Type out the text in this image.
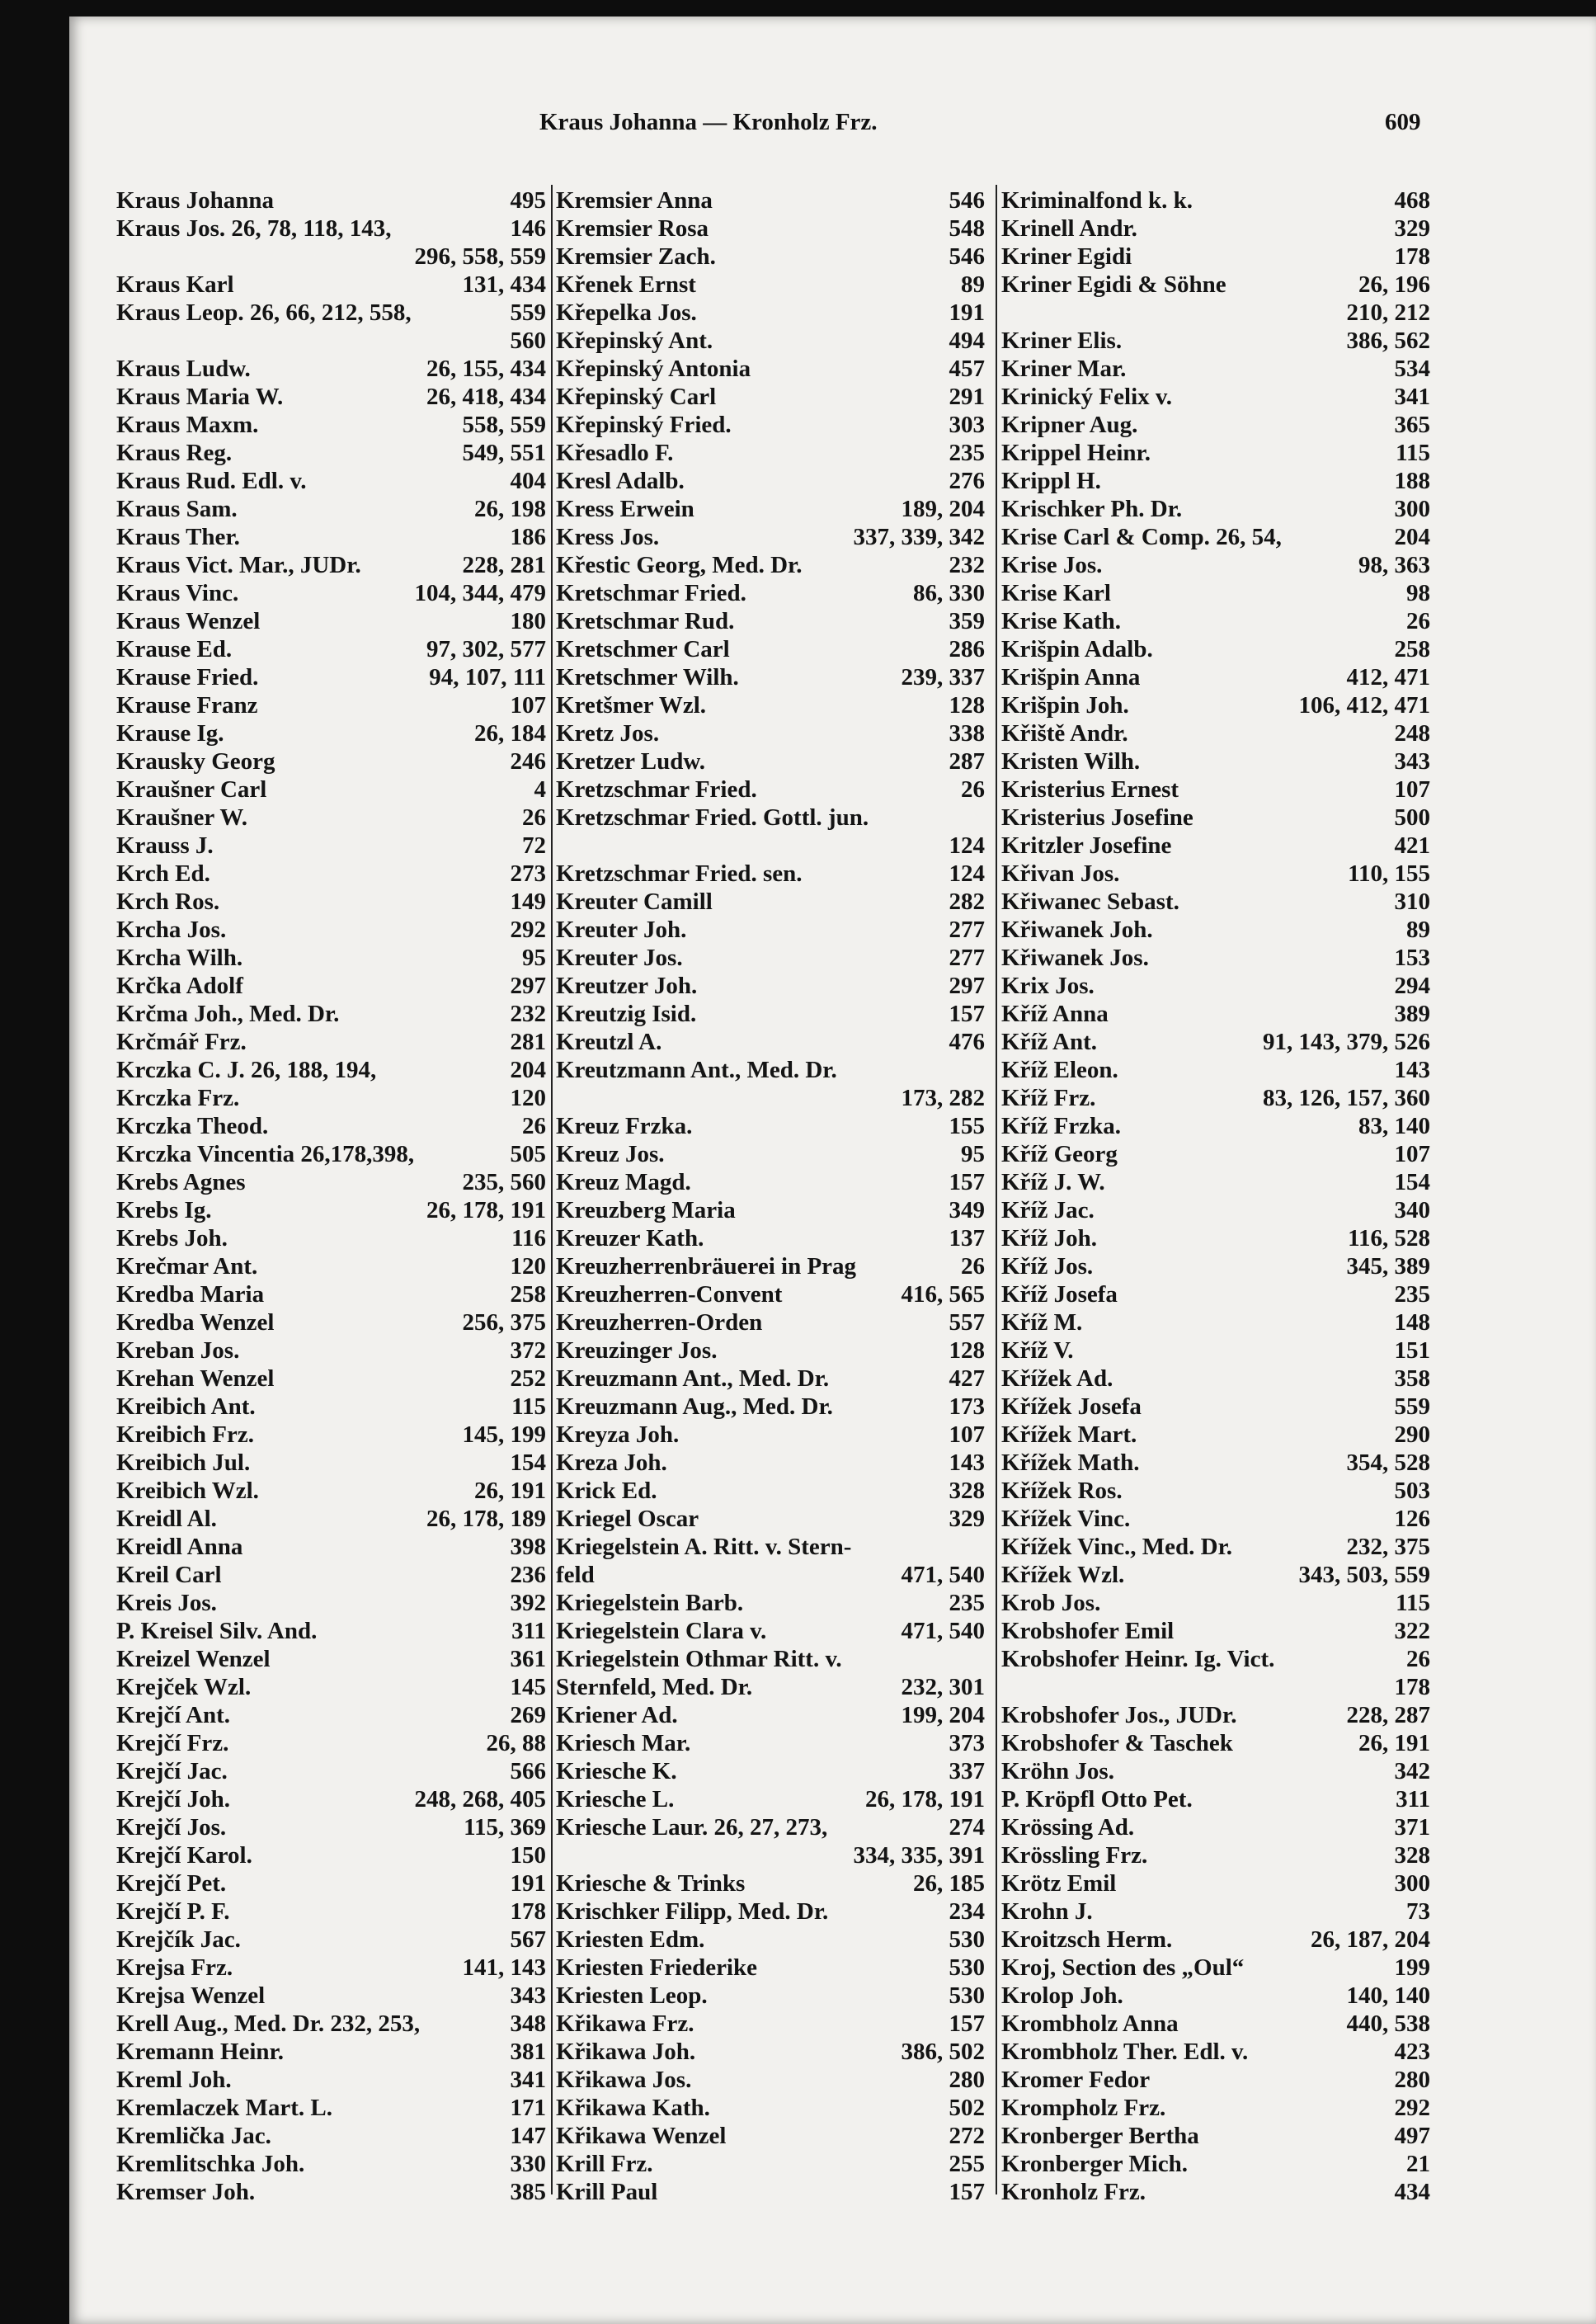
Kraus Johanna — Kronholz Frz.	609
Kraus Johanna	495
Kraus Jos. 26, 78, 118, 143,	146
296, 558, 559
Kraus Karl	131, 434
Kraus Leop. 26, 66, 212, 558,	559
560
Kraus Ludw.	26, 155, 434
Kraus Maria W.	26, 418, 434
Kraus Maxm.	558, 559
Kraus Reg.	549, 551
Kraus Rud. Edl. v.	404
Kraus Sam.	26, 198
Kraus Ther.	186
Kraus Vict. Mar., JUDr.	228, 281
Kraus Vinc.	104, 344, 479
Kraus Wenzel	180
Krause Ed.	97, 302, 577
Krause Fried.	94, 107, 111
Krause Franz	107
Krause Ig.	26, 184
Krausky Georg	246
Kraušner Carl	4
Kraušner W.	26
Krauss J.	72
Krch Ed.	273
Krch Ros.	149
Krcha Jos.	292
Krcha Wilh.	95
Krčka Adolf	297
Krčma Joh., Med. Dr.	232
Krčmář Frz.	281
Krczka C. J. 26, 188, 194,	204
Krczka Frz.	120
Krczka Theod.	26
Krczka Vincentia 26,178,398,	505
Krebs Agnes	235, 560
Krebs Ig.	26, 178, 191
Krebs Joh.	116
Krečmar Ant.	120
Kredba Maria	258
Kredba Wenzel	256, 375
Kreban Jos.	372
Krehan Wenzel	252
Kreibich Ant.	115
Kreibich Frz.	145, 199
Kreibich Jul.	154
Kreibich Wzl.	26, 191
Kreidl Al.	26, 178, 189
Kreidl Anna	398
Kreil Carl	236
Kreis Jos.	392
P. Kreisel Silv. And.	311
Kreizel Wenzel	361
Krejček Wzl.	145
Krejčí Ant.	269
Krejčí Frz.	26, 88
Krejčí Jac.	566
Krejčí Joh.	248, 268, 405
Krejčí Jos.	115, 369
Krejčí Karol.	150
Krejčí Pet.	191
Krejčí P. F.	178
Krejčík Jac.	567
Krejsa Frz.	141, 143
Krejsa Wenzel	343
Krell Aug., Med. Dr. 232, 253,	348
Kremann Heinr.	381
Kreml Joh.	341
Kremlaczek Mart. L.	171
Kremlička Jac.	147
Kremlitschka Joh.	330
Kremser Joh.	385
Kremsier Anna	546
Kremsier Rosa	548
Kremsier Zach.	546
Křenek Ernst	89
Křepelka Jos.	191
Křepinský Ant.	494
Křepinský Antonia	457
Křepinský Carl	291
Křepinský Fried.	303
Křesadlo F.	235
Kresl Adalb.	276
Kress Erwein	189, 204
Kress Jos.	337, 339, 342
Křestic Georg, Med. Dr.	232
Kretschmar Fried.	86, 330
Kretschmar Rud.	359
Kretschmer Carl	286
Kretschmer Wilh.	239, 337
Kretšmer Wzl.	128
Kretz Jos.	338
Kretzer Ludw.	287
Kretzschmar Fried.	26
Kretzschmar Fried. Gottl. jun.
124
Kretzschmar Fried. sen.	124
Kreuter Camill	282
Kreuter Joh.	277
Kreuter Jos.	277
Kreutzer Joh.	297
Kreutzig Isid.	157
Kreutzl A.	476
Kreutzmann Ant., Med. Dr.
173, 282
Kreuz Frzka.	155
Kreuz Jos.	95
Kreuz Magd.	157
Kreuzberg Maria	349
Kreuzer Kath.	137
Kreuzherrenbräuerei in Prag	26
Kreuzherren-Convent	416, 565
Kreuzherren-Orden	557
Kreuzinger Jos.	128
Kreuzmann Ant., Med. Dr.	427
Kreuzmann Aug., Med. Dr.	173
Kreyza Joh.	107
Kreza Joh.	143
Krick Ed.	328
Kriegel Oscar	329
Kriegelstein A. Ritt. v. Stern-
feld	471, 540
Kriegelstein Barb.	235
Kriegelstein Clara v.	471, 540
Kriegelstein Othmar Ritt. v.
Sternfeld, Med. Dr.	232, 301
Kriener Ad.	199, 204
Kriesch Mar.	373
Kriesche K.	337
Kriesche L.	26, 178, 191
Kriesche Laur. 26, 27, 273,	274
334, 335, 391
Kriesche & Trinks	26, 185
Krischker Filipp, Med. Dr.	234
Kriesten Edm.	530
Kriesten Friederike	530
Kriesten Leop.	530
Křikawa Frz.	157
Křikawa Joh.	386, 502
Křikawa Jos.	280
Křikawa Kath.	502
Křikawa Wenzel	272
Krill Frz.	255
Krill Paul	157
Kriminalfond k. k.	468
Krinell Andr.	329
Kriner Egidi	178
Kriner Egidi & Söhne	26, 196
210, 212
Kriner Elis.	386, 562
Kriner Mar.	534
Krinický Felix v.	341
Kripner Aug.	365
Krippel Heinr.	115
Krippl H.	188
Krischker Ph. Dr.	300
Krise Carl & Comp. 26, 54,	204
Krise Jos.	98, 363
Krise Karl	98
Krise Kath.	26
Krišpin Adalb.	258
Krišpin Anna	412, 471
Krišpin Joh.	106, 412, 471
Křiště Andr.	248
Kristen Wilh.	343
Kristerius Ernest	107
Kristerius Josefine	500
Kritzler Josefine	421
Křivan Jos.	110, 155
Křiwanec Sebast.	310
Křiwanek Joh.	89
Křiwanek Jos.	153
Krix Jos.	294
Kříž Anna	389
Kříž Ant.	91, 143, 379, 526
Kříž Eleon.	143
Kříž Frz.	83, 126, 157, 360
Kříž Frzka.	83, 140
Kříž Georg	107
Kříž J. W.	154
Kříž Jac.	340
Kříž Joh.	116, 528
Kříž Jos.	345, 389
Kříž Josefa	235
Kříž M.	148
Kříž V.	151
Křížek Ad.	358
Křížek Josefa	559
Křížek Mart.	290
Křížek Math.	354, 528
Křížek Ros.	503
Křížek Vinc.	126
Křížek Vinc., Med. Dr.	232, 375
Křížek Wzl.	343, 503, 559
Krob Jos.	115
Krobshofer Emil	322
Krobshofer Heinr. Ig. Vict.	26
178
Krobshofer Jos., JUDr.	228, 287
Krobshofer & Taschek	26, 191
Kröhn Jos.	342
P. Kröpfl Otto Pet.	311
Krössing Ad.	371
Krössling Frz.	328
Krötz Emil	300
Krohn J.	73
Kroitzsch Herm.	26, 187, 204
Kroj, Section des „Oul“	199
Krolop Joh.	140, 140
Krombholz Anna	440, 538
Krombholz Ther. Edl. v.	423
Kromer Fedor	280
Krompholz Frz.	292
Kronberger Bertha	497
Kronberger Mich.	21
Kronholz Frz.	434
